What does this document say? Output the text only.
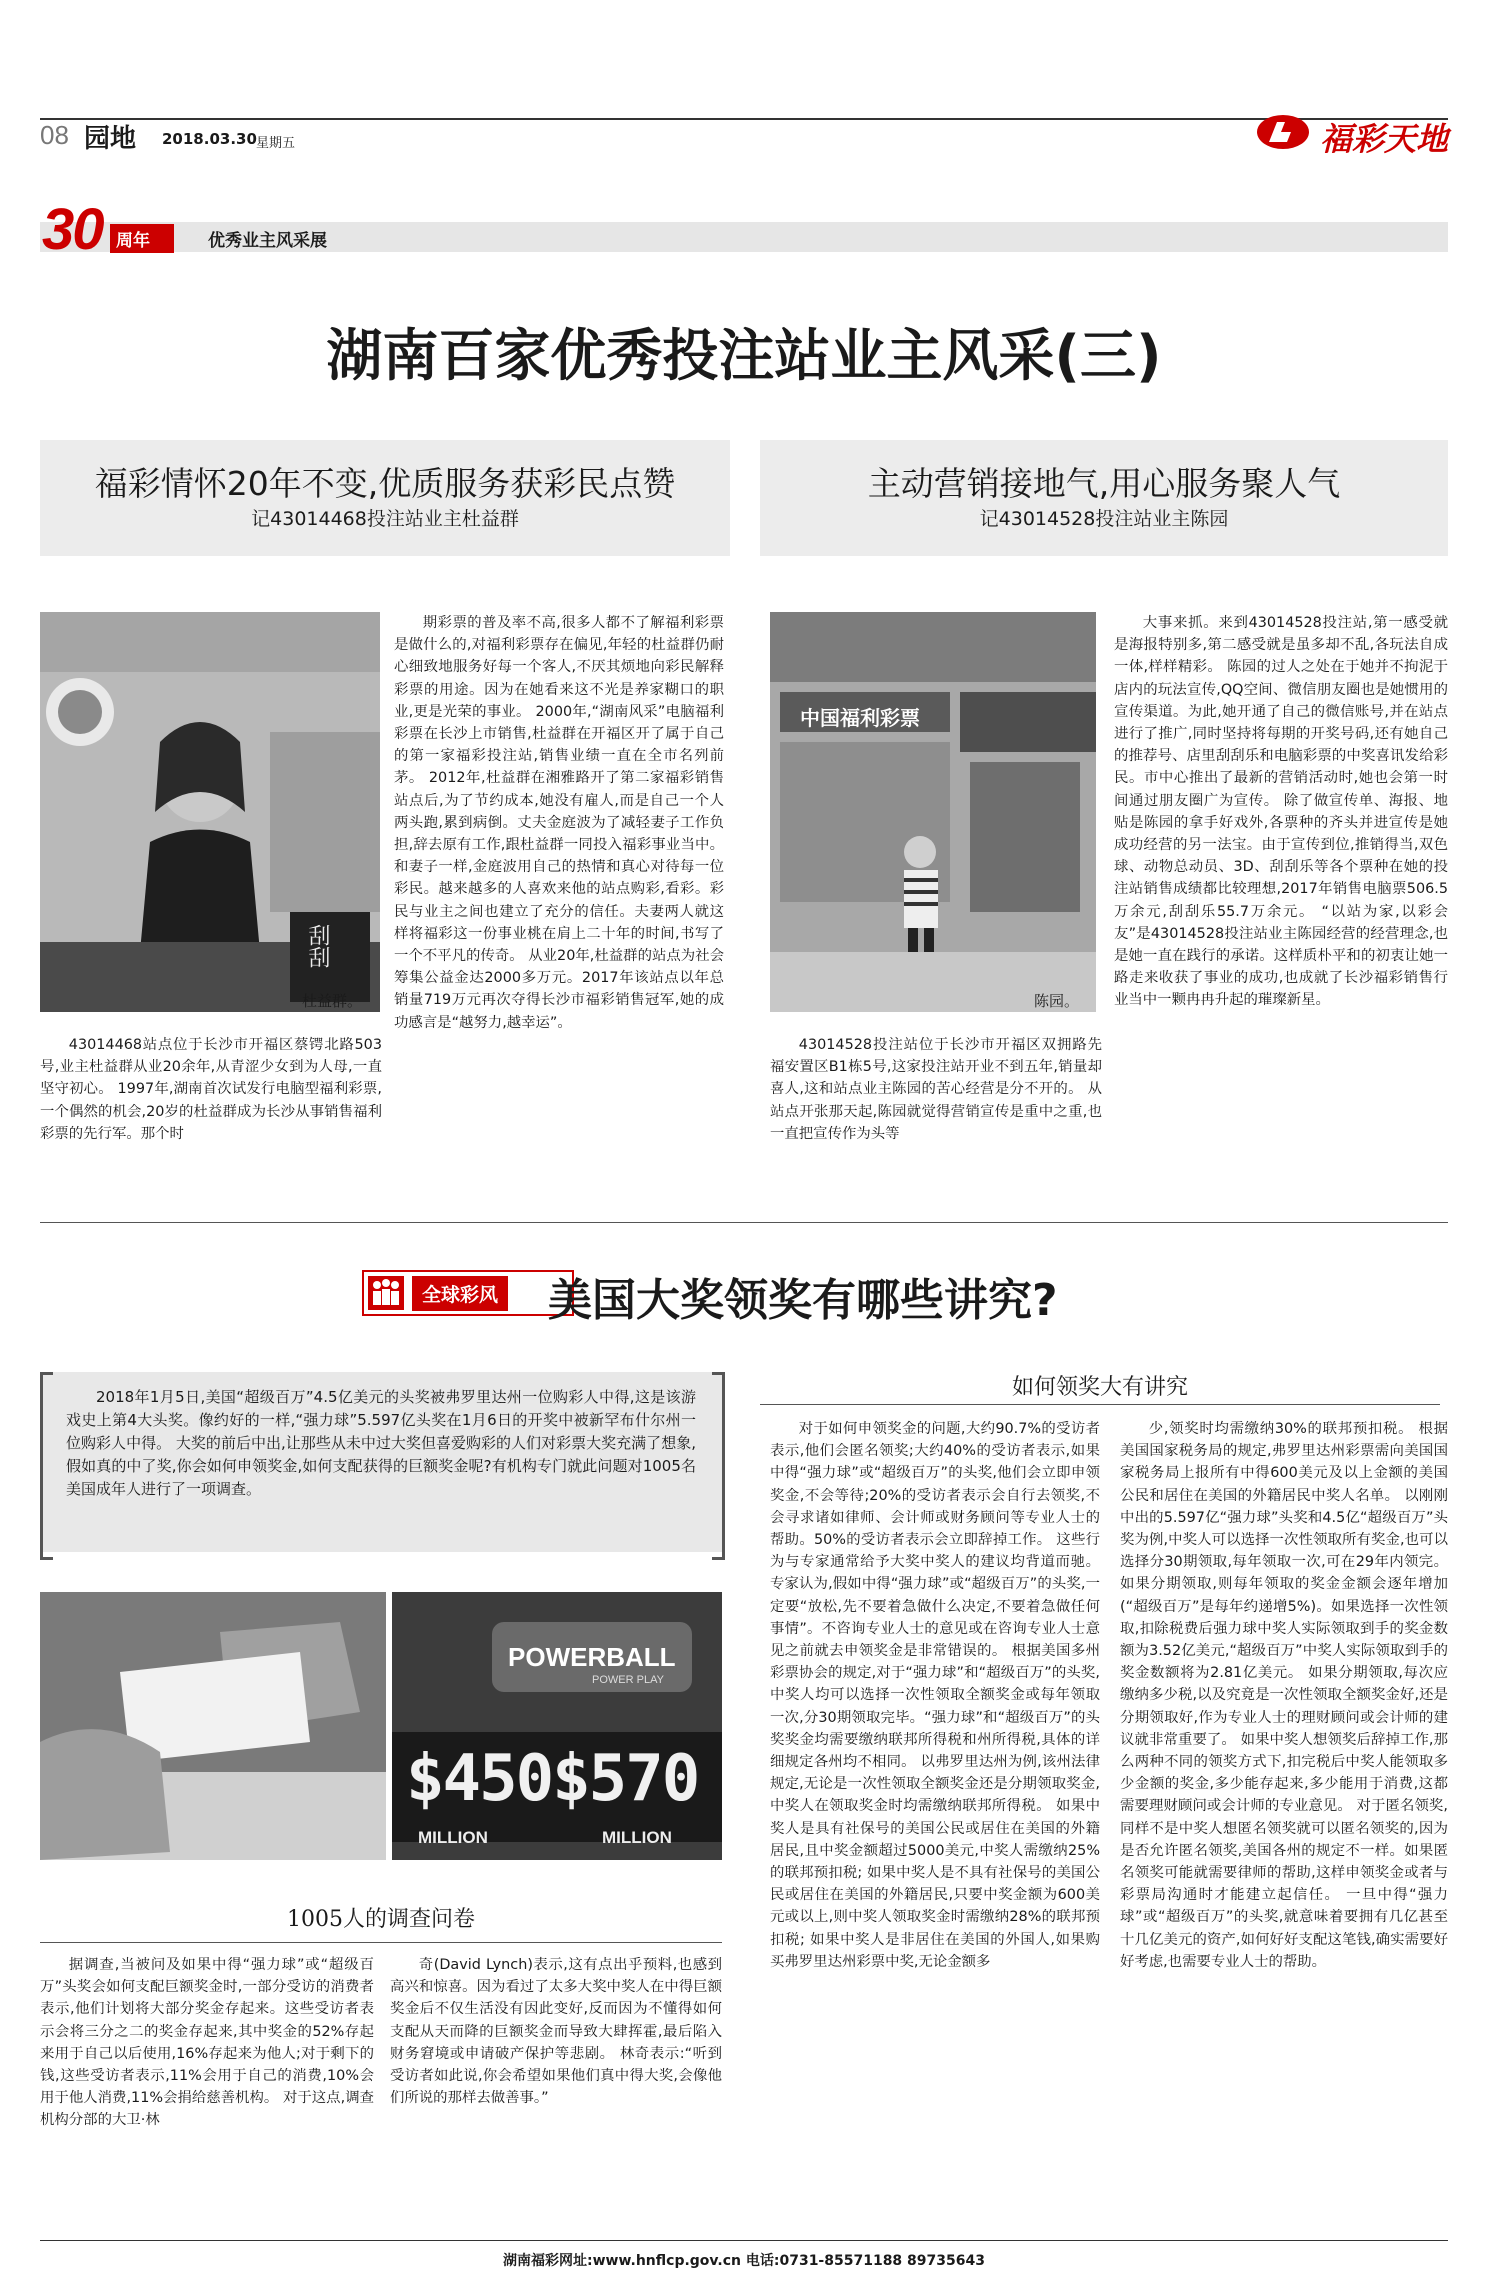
08 园地 2018.03.30 星期五	福彩天地
周年
30	优秀业主风采展
湖南百家优秀投注站业主风采(三)
福彩情怀20年不变,优质服务获彩民点赞
记43014468投注站业主杜益群
刮刮
杜益群。
43014468站点位于长沙市开福区蔡锷北路503号,业主杜益群从业20余年,从青涩少女到为人母,一直坚守初心。 1997年,湖南首次试发行电脑型福利彩票,一个偶然的机会,20岁的杜益群成为长沙从事销售福利彩票的先行军。那个时
期彩票的普及率不高,很多人都不了解福利彩票是做什么的,对福利彩票存在偏见,年轻的杜益群仍耐心细致地服务好每一个客人,不厌其烦地向彩民解释彩票的用途。因为在她看来这不光是养家糊口的职业,更是光荣的事业。 2000年,“湖南风采”电脑福利彩票在长沙上市销售,杜益群在开福区开了属于自己的第一家福彩投注站,销售业绩一直在全市名列前茅。 2012年,杜益群在湘雅路开了第二家福彩销售站点后,为了节约成本,她没有雇人,而是自己一个人两头跑,累到病倒。丈夫金庭波为了减轻妻子工作负担,辞去原有工作,跟杜益群一同投入福彩事业当中。和妻子一样,金庭波用自己的热情和真心对待每一位彩民。越来越多的人喜欢来他的站点购彩,看彩。彩民与业主之间也建立了充分的信任。夫妻两人就这样将福彩这一份事业桃在肩上二十年的时间,书写了一个不平凡的传奇。 从业20年,杜益群的站点为社会筹集公益金达2000多万元。2017年该站点以年总销量719万元再次夺得长沙市福彩销售冠军,她的成功感言是“越努力,越幸运”。
主动营销接地气,用心服务聚人气
记43014528投注站业主陈园
中国福利彩票
陈园。
43014528投注站位于长沙市开福区双拥路先福安置区B1栋5号,这家投注站开业不到五年,销量却喜人,这和站点业主陈园的苦心经营是分不开的。 从站点开张那天起,陈园就觉得营销宣传是重中之重,也一直把宣传作为头等
大事来抓。来到43014528投注站,第一感受就是海报特别多,第二感受就是虽多却不乱,各玩法自成一体,样样精彩。 陈园的过人之处在于她并不拘泥于店内的玩法宣传,QQ空间、微信朋友圈也是她惯用的宣传渠道。为此,她开通了自己的微信账号,并在站点进行了推广,同时坚持将每期的开奖号码,还有她自己的推荐号、店里刮刮乐和电脑彩票的中奖喜讯发给彩民。市中心推出了最新的营销活动时,她也会第一时间通过朋友圈广为宣传。 除了做宣传单、海报、地贴是陈园的拿手好戏外,各票种的齐头并进宣传是她成功经营的另一法宝。由于宣传到位,推销得当,双色球、动物总动员、3D、刮刮乐等各个票种在她的投注站销售成绩都比较理想,2017年销售电脑票506.5万余元,刮刮乐55.7万余元。 “以站为家,以彩会友”是43014528投注站业主陈园经营的经营理念,也是她一直在践行的承诺。这样质朴平和的初衷让她一路走来收获了事业的成功,也成就了长沙福彩销售行业当中一颗冉冉升起的璀璨新星。
全球彩风 美国大奖领奖有哪些讲究?
2018年1月5日,美国“超级百万”4.5亿美元的头奖被弗罗里达州一位购彩人中得,这是该游戏史上第4大头奖。像约好的一样,“强力球”5.597亿头奖在1月6日的开奖中被新罕布什尔州一位购彩人中得。 大奖的前后中出,让那些从未中过大奖但喜爱购彩的人们对彩票大奖充满了想象,假如真的中了奖,你会如何申领奖金,如何支配获得的巨额奖金呢?有机构专门就此问题对1005名美国成年人进行了一项调查。
POWERBALL
POWER PLAY
$450$570
MILLION	MILLION
1005人的调查问卷
据调查,当被问及如果中得“强力球”或“超级百万”头奖会如何支配巨额奖金时,一部分受访的消费者表示,他们计划将大部分奖金存起来。这些受访者表示会将三分之二的奖金存起来,其中奖金的52%存起来用于自己以后使用,16%存起来为他人;对于剩下的钱,这些受访者表示,11%会用于自己的消费,10%会用于他人消费,11%会捐给慈善机构。 对于这点,调查机构分部的大卫·林
奇(David Lynch)表示,这有点出乎预料,也感到高兴和惊喜。因为看过了太多大奖中奖人在中得巨额奖金后不仅生活没有因此变好,反而因为不懂得如何支配从天而降的巨额奖金而导致大肆挥霍,最后陷入财务窘境或申请破产保护等悲剧。 林奇表示:“听到受访者如此说,你会希望如果他们真中得大奖,会像他们所说的那样去做善事。”
如何领奖大有讲究
对于如何申领奖金的问题,大约90.7%的受访者表示,他们会匿名领奖;大约40%的受访者表示,如果中得“强力球”或“超级百万”的头奖,他们会立即申领奖金,不会等待;20%的受访者表示会自行去领奖,不会寻求诸如律师、会计师或财务顾问等专业人士的帮助。50%的受访者表示会立即辞掉工作。 这些行为与专家通常给予大奖中奖人的建议均背道而驰。专家认为,假如中得“强力球”或“超级百万”的头奖,一定要“放松,先不要着急做什么决定,不要着急做任何事情”。不咨询专业人士的意见或在咨询专业人士意见之前就去申领奖金是非常错误的。 根据美国多州彩票协会的规定,对于“强力球”和“超级百万”的头奖,中奖人均可以选择一次性领取全额奖金或每年领取一次,分30期领取完毕。“强力球”和“超级百万”的头奖奖金均需要缴纳联邦所得税和州所得税,具体的详细规定各州均不相同。 以弗罗里达州为例,该州法律规定,无论是一次性领取全额奖金还是分期领取奖金,中奖人在领取奖金时均需缴纳联邦所得税。 如果中奖人是具有社保号的美国公民或居住在美国的外籍居民,且中奖金额超过5000美元,中奖人需缴纳25%的联邦预扣税; 如果中奖人是不具有社保号的美国公民或居住在美国的外籍居民,只要中奖金额为600美元或以上,则中奖人领取奖金时需缴纳28%的联邦预扣税; 如果中奖人是非居住在美国的外国人,如果购买弗罗里达州彩票中奖,无论金额多
少,领奖时均需缴纳30%的联邦预扣税。 根据美国国家税务局的规定,弗罗里达州彩票需向美国国家税务局上报所有中得600美元及以上金额的美国公民和居住在美国的外籍居民中奖人名单。 以刚刚中出的5.597亿“强力球”头奖和4.5亿“超级百万”头奖为例,中奖人可以选择一次性领取所有奖金,也可以选择分30期领取,每年领取一次,可在29年内领完。 如果分期领取,则每年领取的奖金金额会逐年增加(“超级百万”是每年约递增5%)。如果选择一次性领取,扣除税费后强力球中奖人实际领取到手的奖金数额为3.52亿美元,“超级百万”中奖人实际领取到手的奖金数额将为2.81亿美元。 如果分期领取,每次应缴纳多少税,以及究竟是一次性领取全额奖金好,还是分期领取好,作为专业人士的理财顾问或会计师的建议就非常重要了。 如果中奖人想领奖后辞掉工作,那么两种不同的领奖方式下,扣完税后中奖人能领取多少金额的奖金,多少能存起来,多少能用于消费,这都需要理财顾问或会计师的专业意见。 对于匿名领奖,同样不是中奖人想匿名领奖就可以匿名领奖的,因为是否允许匿名领奖,美国各州的规定不一样。如果匿名领奖可能就需要律师的帮助,这样申领奖金或者与彩票局沟通时才能建立起信任。 一旦中得“强力球”或“超级百万”的头奖,就意味着要拥有几亿甚至十几亿美元的资产,如何好好支配这笔钱,确实需要好好考虑,也需要专业人士的帮助。
湖南福彩网址:www.hnflcp.gov.cn 电话:0731-85571188 89735643
